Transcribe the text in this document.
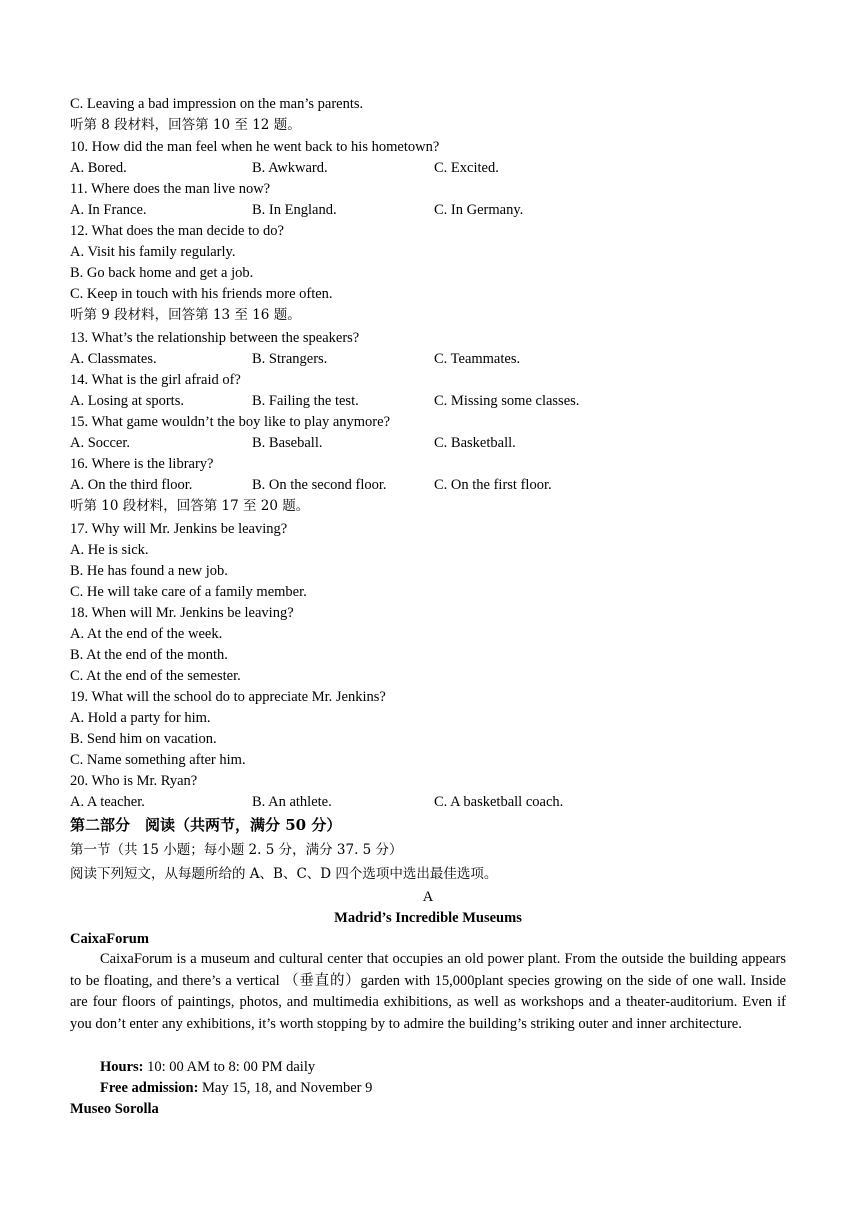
C. Leaving a bad impression on the man’s parents.
听第 8 段材料，回答第 10 至 12 题。
10. How did the man feel when he went back to his hometown?
A. Bored.	B. Awkward.	C. Excited.
11. Where does the man live now?
A. In France.	B. In England.	C. In Germany.
12. What does the man decide to do?
A. Visit his family regularly.
B. Go back home and get a job.
C. Keep in touch with his friends more often.
听第 9 段材料，回答第 13 至 16 题。
13. What’s the relationship between the speakers?
A. Classmates.	B. Strangers.	C. Teammates.
14. What is the girl afraid of?
A. Losing at sports.	B. Failing the test.	C. Missing some classes.
15. What game wouldn’t the boy like to play anymore?
A. Soccer.	B. Baseball.	C. Basketball.
16. Where is the library?
A. On the third floor.	B. On the second floor.	C. On the first floor.
听第 10 段材料，回答第 17 至 20 题。
17. Why will Mr. Jenkins be leaving?
A. He is sick.
B. He has found a new job.
C. He will take care of a family member.
18. When will Mr. Jenkins be leaving?
A. At the end of the week.
B. At the end of the month.
C. At the end of the semester.
19. What will the school do to appreciate Mr. Jenkins?
A. Hold a party for him.
B. Send him on vacation.
C. Name something after him.
20. Who is Mr. Ryan?
A. A teacher.	B. An athlete.	C. A basketball coach.
第二部分　阅读（共两节，满分 50 分）
第一节（共 15 小题；每小题 2. 5 分，满分 37. 5 分）
阅读下列短文，从每题所给的 A、B、C、D 四个选项中选出最佳选项。
A
Madrid’s Incredible Museums
CaixaForum
CaixaForum is a museum and cultural center that occupies an old power plant. From the outside the building appears to be floating, and there’s a vertical （垂直的）garden with 15,000plant species growing on the side of one wall. Inside are four floors of paintings, photos, and multimedia exhibitions, as well as workshops and a theater-auditorium. Even if you don’t enter any exhibitions, it’s worth stopping by to admire the building’s striking outer and inner architecture.
Hours: 10: 00 AM to 8: 00 PM daily
Free admission: May 15, 18, and November 9
Museo Sorolla
